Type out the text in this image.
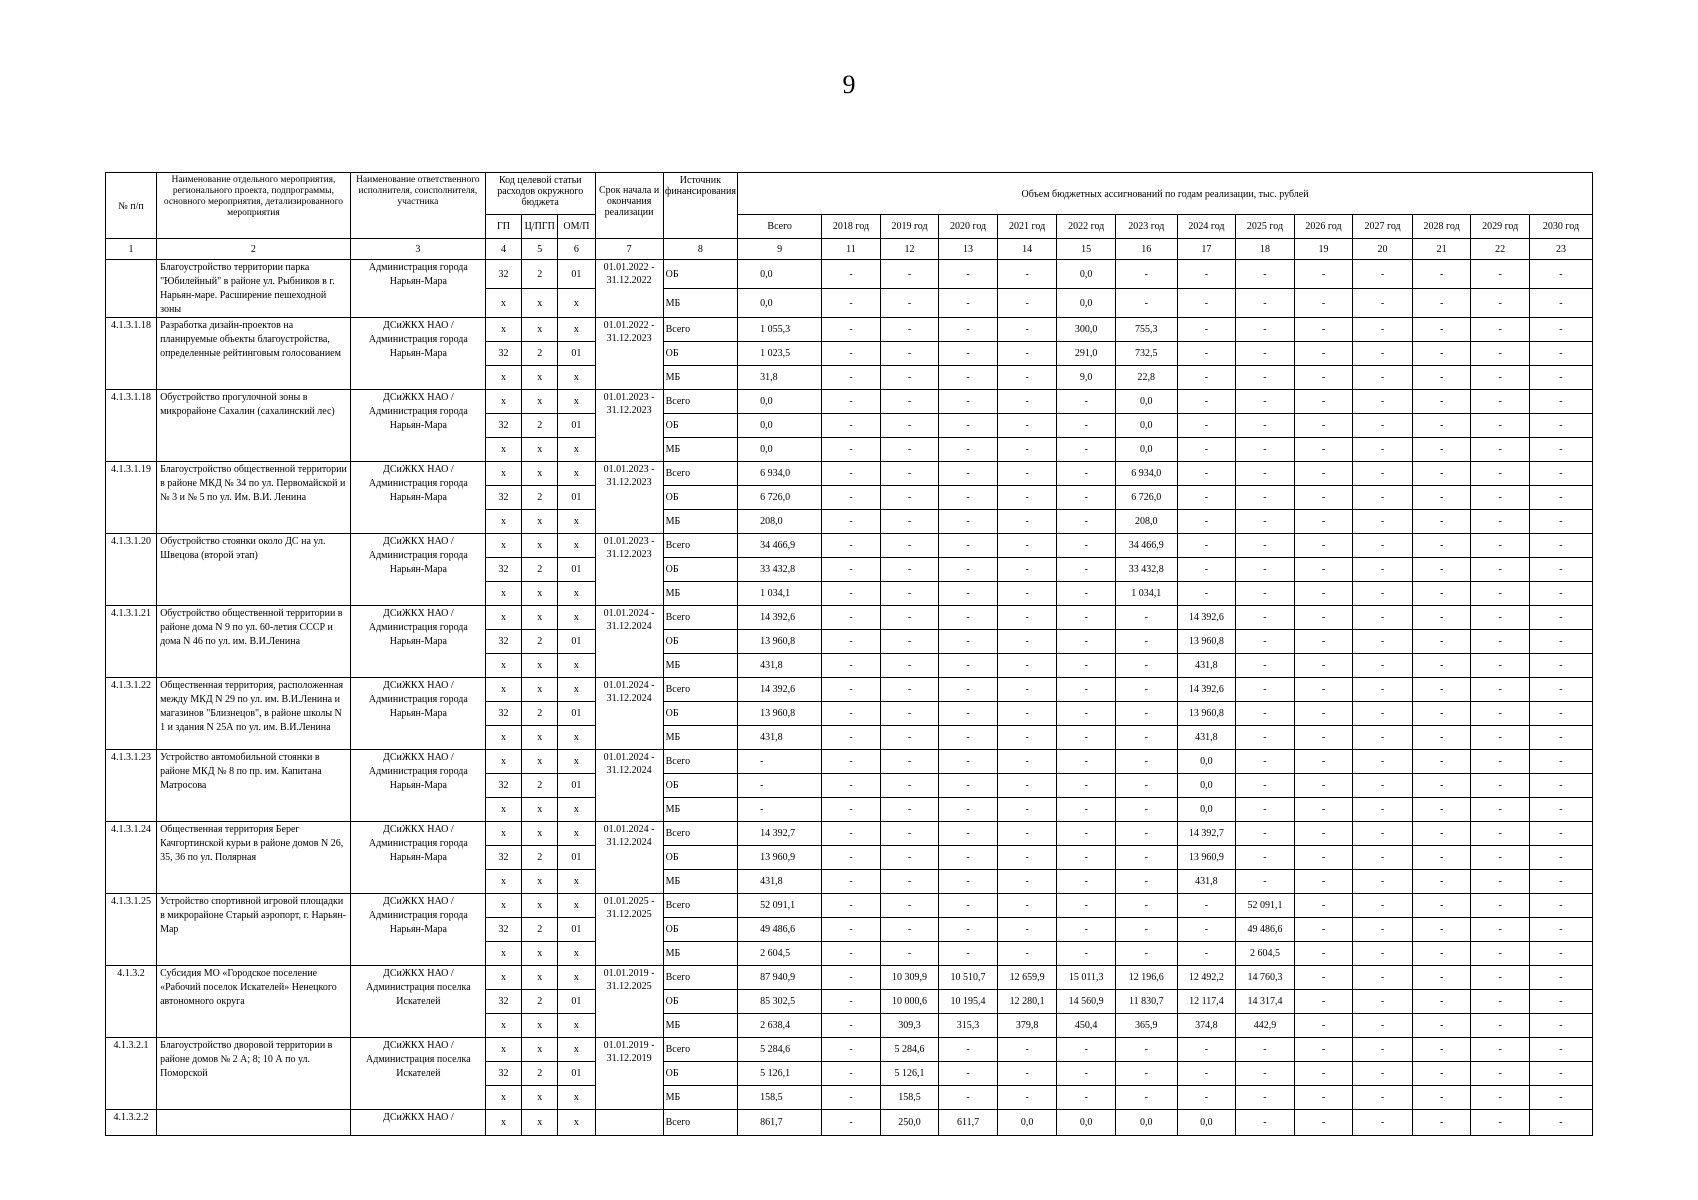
9
№ п/п	Наименование отдельного мероприятия, регионального проекта, подпрограммы, основного мероприятия, детализированного мероприятия	Наименование ответственного исполнителя, соисполнителя, участника	Код целевой статьи расходов окружного бюджета			Срок начала и окончания реализации	Источник финансирования	Объем бюджетных ассигнований по годам реализации, тыс. рублей													
			ГП	Ц/ПГП	ОМ/П			Всего	2018 год	2019 год	2020 год	2021 год	2022 год	2023 год	2024 год	2025 год	2026 год	2027 год	2028 год	2029 год	2030 год
1	2	3	4	5	6	7	8	9	11	12	13	14	15	16	17	18	19	20	21	22	23
	Благоустройство территории парка "Юбилейный" в районе ул. Рыбников в г. Нарьян-маре. Расширение пешеходной зоны	Администрация города Нарьян-Мара	32	2	01	01.01.2022 - 31.12.2022	ОБ	0,0	-	-	-	-	0,0	-	-	-	-	-	-	-	-
			x	x	x		МБ	0,0	-	-	-	-	0,0	-	-	-	-	-	-	-	-
4.1.3.1.18	Разработка дизайн-проектов на планируемые объекты благоустройства, определенные рейтинговым голосованием	ДСиЖКХ НАО / Администрация города Нарьян-Мара	x	x	x	01.01.2022 - 31.12.2023	Всего	1 055,3	-	-	-	-	300,0	755,3	-	-	-	-	-	-	-
			32	2	01		ОБ	1 023,5	-	-	-	-	291,0	732,5	-	-	-	-	-	-	-
			x	x	x		МБ	31,8	-	-	-	-	9,0	22,8	-	-	-	-	-	-	-
4.1.3.1.18	Обустройство прогулочной зоны в микрорайоне Сахалин (сахалинский лес)	ДСиЖКХ НАО / Администрация города Нарьян-Мара	x	x	x	01.01.2023 - 31.12.2023	Всего	0,0	-	-	-	-	-	0,0	-	-	-	-	-	-	-
			32	2	01		ОБ	0,0	-	-	-	-	-	0,0	-	-	-	-	-	-	-
			x	x	x		МБ	0,0	-	-	-	-	-	0,0	-	-	-	-	-	-	-
4.1.3.1.19	Благоустройство общественной территории в районе МКД № 34 по ул. Первомайской и № 3 и № 5 по ул. Им. В.И. Ленина	ДСиЖКХ НАО / Администрация города Нарьян-Мара	x	x	x	01.01.2023 - 31.12.2023	Всего	6 934,0	-	-	-	-	-	6 934,0	-	-	-	-	-	-	-
			32	2	01		ОБ	6 726,0	-	-	-	-	-	6 726,0	-	-	-	-	-	-	-
			x	x	x		МБ	208,0	-	-	-	-	-	208,0	-	-	-	-	-	-	-
4.1.3.1.20	Обустройство стоянки около ДС на ул. Швецова (второй этап)	ДСиЖКХ НАО / Администрация города Нарьян-Мара	x	x	x	01.01.2023 - 31.12.2023	Всего	34 466,9	-	-	-	-	-	34 466,9	-	-	-	-	-	-	-
			32	2	01		ОБ	33 432,8	-	-	-	-	-	33 432,8	-	-	-	-	-	-	-
			x	x	x		МБ	1 034,1	-	-	-	-	-	1 034,1	-	-	-	-	-	-	-
4.1.3.1.21	Обустройство общественной территории в районе дома N 9 по ул. 60-летия СССР и дома N 46 по ул. им. В.И.Ленина	ДСиЖКХ НАО / Администрация города Нарьян-Мара	x	x	x	01.01.2024 - 31.12.2024	Всего	14 392,6	-	-	-	-	-	-	14 392,6	-	-	-	-	-	-
			32	2	01		ОБ	13 960,8	-	-	-	-	-	-	13 960,8	-	-	-	-	-	-
			x	x	x		МБ	431,8	-	-	-	-	-	-	431,8	-	-	-	-	-	-
4.1.3.1.22	Общественная территория, расположенная между МКД N 29 по ул. им. В.И.Ленина и магазинов "Близнецов", в районе школы N 1 и здания N 25А по ул. им. В.И.Ленина	ДСиЖКХ НАО / Администрация города Нарьян-Мара	x	x	x	01.01.2024 - 31.12.2024	Всего	14 392,6	-	-	-	-	-	-	14 392,6	-	-	-	-	-	-
			32	2	01		ОБ	13 960,8	-	-	-	-	-	-	13 960,8	-	-	-	-	-	-
			x	x	x		МБ	431,8	-	-	-	-	-	-	431,8	-	-	-	-	-	-
4.1.3.1.23	Устройство автомобильной стоянки в районе МКД № 8 по пр. им. Капитана Матросова	ДСиЖКХ НАО / Администрация города Нарьян-Мара	x	x	x	01.01.2024 - 31.12.2024	Всего	-	-	-	-	-	-	-	0,0	-	-	-	-	-	-
			32	2	01		ОБ	-	-	-	-	-	-	-	0,0	-	-	-	-	-	-
			x	x	x		МБ	-	-	-	-	-	-	-	0,0	-	-	-	-	-	-
4.1.3.1.24	Общественная территория Берег Качгортинской курьи в районе домов N 26, 35, 36 по ул. Полярная	ДСиЖКХ НАО / Администрация города Нарьян-Мара	x	x	x	01.01.2024 - 31.12.2024	Всего	14 392,7	-	-	-	-	-	-	14 392,7	-	-	-	-	-	-
			32	2	01		ОБ	13 960,9	-	-	-	-	-	-	13 960,9	-	-	-	-	-	-
			x	x	x		МБ	431,8	-	-	-	-	-	-	431,8	-	-	-	-	-	-
4.1.3.1.25	Устройство спортивной игровой площадки в микрорайоне Старый аэропорт, г. Нарьян-Мар	ДСиЖКХ НАО / Администрация города Нарьян-Мара	x	x	x	01.01.2025 - 31.12.2025	Всего	52 091,1	-	-	-	-	-	-	-	52 091,1	-	-	-	-	-
			32	2	01		ОБ	49 486,6	-	-	-	-	-	-	-	49 486,6	-	-	-	-	-
			x	x	x		МБ	2 604,5	-	-	-	-	-	-	-	2 604,5	-	-	-	-	-
4.1.3.2	Субсидия МО «Городское поселение «Рабочий поселок Искателей» Ненецкого автономного округа	ДСиЖКХ НАО / Администрация поселка Искателей	x	x	x	01.01.2019 - 31.12.2025	Всего	87 940,9	-	10 309,9	10 510,7	12 659,9	15 011,3	12 196,6	12 492,2	14 760,3	-	-	-	-	-
			32	2	01		ОБ	85 302,5	-	10 000,6	10 195,4	12 280,1	14 560,9	11 830,7	12 117,4	14 317,4	-	-	-	-	-
			x	x	x		МБ	2 638,4	-	309,3	315,3	379,8	450,4	365,9	374,8	442,9	-	-	-	-	-
4.1.3.2.1	Благоустройство дворовой территории в районе домов № 2 А; 8; 10 А по ул. Поморской	ДСиЖКХ НАО / Администрация поселка Искателей	x	x	x	01.01.2019 - 31.12.2019	Всего	5 284,6	-	5 284,6	-	-	-	-	-	-	-	-	-	-	-
			32	2	01		ОБ	5 126,1	-	5 126,1	-	-	-	-	-	-	-	-	-	-	-
			x	x	x		МБ	158,5	-	158,5	-	-	-	-	-	-	-	-	-	-	-
4.1.3.2.2		ДСиЖКХ НАО /	x	x	x		Всего	861,7	-	250,0	611,7	0,0	0,0	0,0	0,0	-	-	-	-	-	-
